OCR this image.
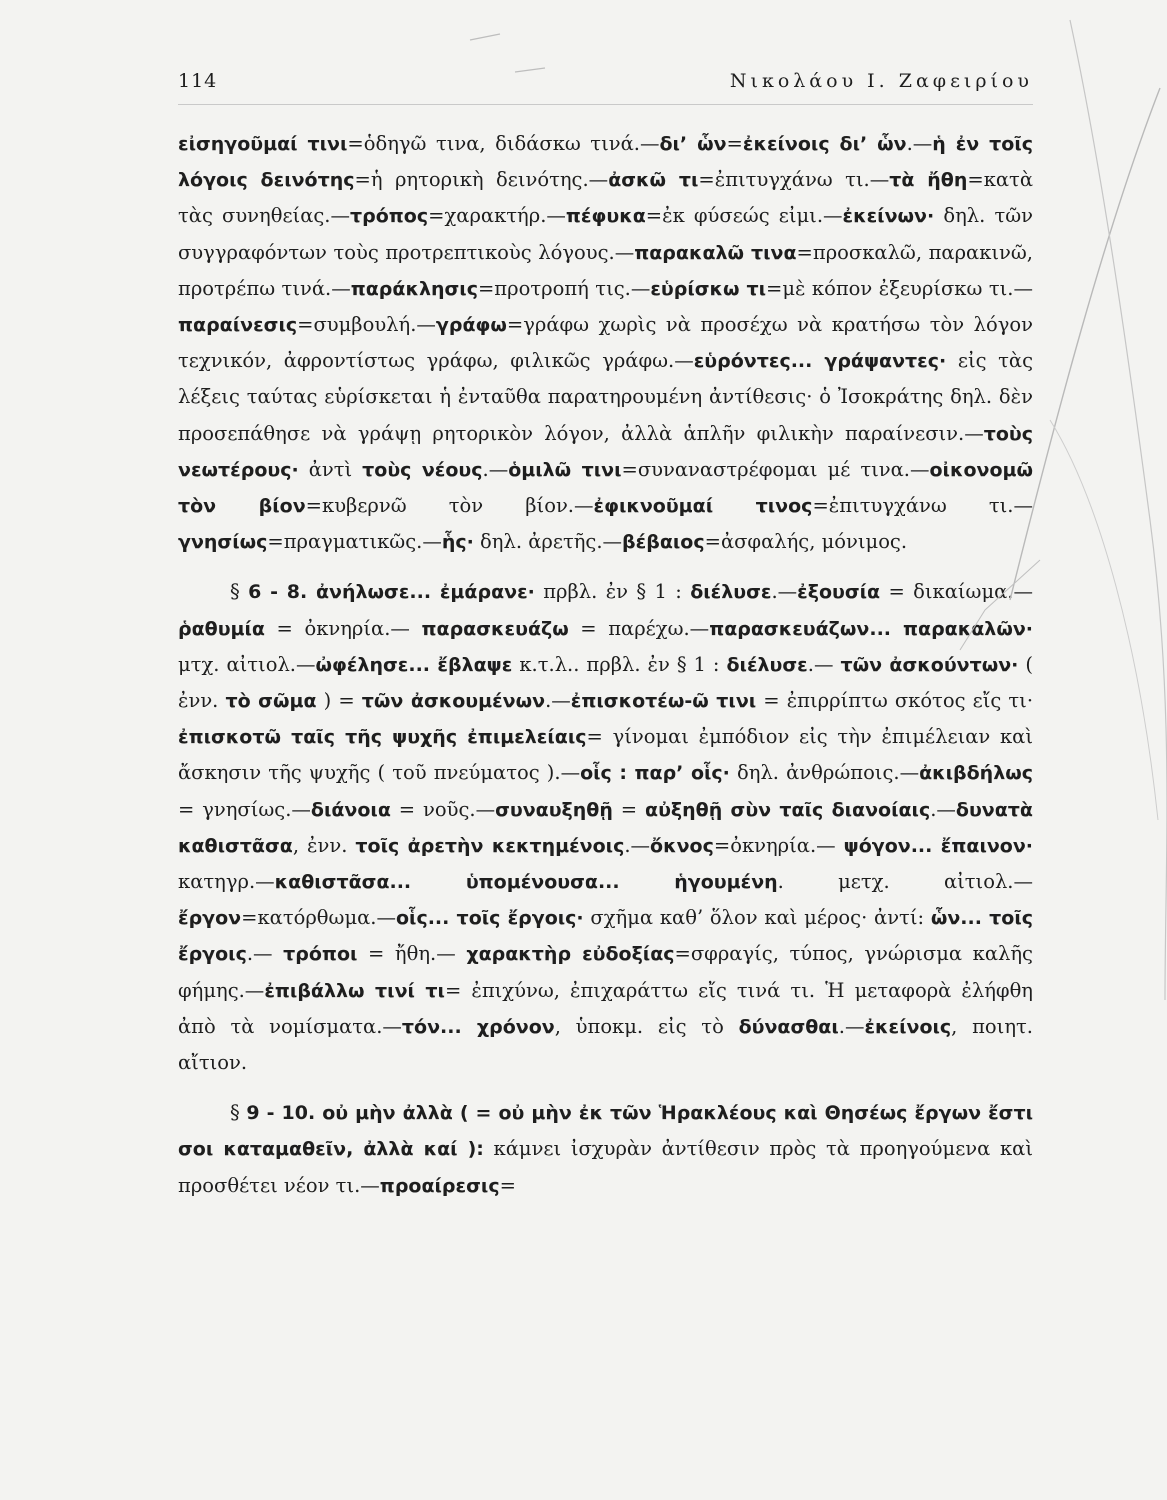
114	Νικολάου Ι. Ζαφειρίου

εἰσηγοῦμαί τινι=ὁδηγῶ τινα, διδάσκω τινά.—δι’ ὧν=ἐκείνοις δι’ ὧν.—ἡ ἐν τοῖς λόγοις δεινότης=ἡ ρητορικὴ δεινότης.—ἀσκῶ τι=ἐπιτυγχάνω τι.—τὰ ἤθη=κατὰ τὰς συνηθείας.—τρόπος=χαρακτήρ.—πέφυκα=ἐκ φύσεώς εἰμι.—ἐκείνων· δηλ. τῶν συγγραφόντων τοὺς προτρεπτικοὺς λόγους.—παρακαλῶ τινα=προσκαλῶ, παρακινῶ, προτρέπω τινά.—παράκλησις=προτροπή τις.—εὑρίσκω τι=μὲ κόπον ἐξευρίσκω τι.—παραίνεσις=συμβουλή.—γράφω=γράφω χωρὶς νὰ προσέχω νὰ κρατήσω τὸν λόγον τεχνικόν, ἀφροντίστως γράφω, φιλικῶς γράφω.—εὑρόντες... γράψαντες· εἰς τὰς λέξεις ταύτας εὑρίσκεται ἡ ἐνταῦθα παρατηρουμένη ἀντίθεσις· ὁ Ἰσοκράτης δηλ. δὲν προσεπάθησε νὰ γράψῃ ρητορικὸν λόγον, ἀλλὰ ἁπλῆν φιλικὴν παραίνεσιν.—τοὺς νεωτέρους· ἀντὶ τοὺς νέους.—ὁμιλῶ τινι=συναναστρέφομαι μέ τινα.—οἰκονομῶ τὸν βίον=κυβερνῶ τὸν βίον.—ἐφικνοῦμαί τινος=ἐπιτυγχάνω τι.—γνησίως=πραγματικῶς.—ἧς· δηλ. ἀρετῆς.—βέβαιος=ἀσφαλής, μόνιμος.

§ 6 - 8. ἀνήλωσε... ἐμάρανε· πρβλ. ἐν § 1 : διέλυσε.—ἐξουσία = δικαίωμα.— ῥαθυμία = ὀκνηρία.— παρασκευάζω = παρέχω.—παρασκευάζων... παρακαλῶν· μτχ. αἰτιολ.—ὠφέλησε... ἔβλαψε κ.τ.λ.. πρβλ. ἐν § 1 : διέλυσε.— τῶν ἀσκούντων· ( ἐνν. τὸ σῶμα ) = τῶν ἀσκουμένων.—ἐπισκοτέω-ῶ τινι = ἐπιρρίπτω σκότος εἴς τι· ἐπισκοτῶ ταῖς τῆς ψυχῆς ἐπιμελείαις= γίνομαι ἐμπόδιον εἰς τὴν ἐπιμέλειαν καὶ ἄσκησιν τῆς ψυχῆς ( τοῦ πνεύματος ).—οἷς : παρ’ οἷς· δηλ. ἀνθρώποις.—ἀκιβδήλως = γνησίως.—διάνοια = νοῦς.—συναυξηθῇ = αὐξηθῇ σὺν ταῖς διανοίαις.—δυνατὰ καθιστᾶσα, ἐνν. τοῖς ἀρετὴν κεκτημένοις.—ὄκνος=ὀκνηρία.— ψόγον... ἔπαινον· κατηγρ.—καθιστᾶσα... ὑπομένουσα... ἡγουμένη. μετχ. αἰτιολ.—ἔργον=κατόρθωμα.—οἷς... τοῖς ἔργοις· σχῆμα καθ’ ὅλον καὶ μέρος· ἀντί: ὧν... τοῖς ἔργοις.— τρόποι = ἤθη.— χαρακτὴρ εὐδοξίας=σφραγίς, τύπος, γνώρισμα καλῆς φήμης.—ἐπιβάλλω τινί τι= ἐπιχύνω, ἐπιχαράττω εἴς τινά τι. Ἡ μεταφορὰ ἐλήφθη ἀπὸ τὰ νομίσματα.—τόν... χρόνον, ὑποκμ. εἰς τὸ δύνασθαι.—ἐκείνοις, ποιητ. αἴτιον.

§ 9 - 10. οὐ μὴν ἀλλὰ ( = οὐ μὴν ἐκ τῶν Ἡρακλέους καὶ Θησέως ἔργων ἔστι σοι καταμαθεῖν, ἀλλὰ καί ): κάμνει ἰσχυρὰν ἀντίθεσιν πρὸς τὰ προηγούμενα καὶ προσθέτει νέον τι.—προαίρεσις=
